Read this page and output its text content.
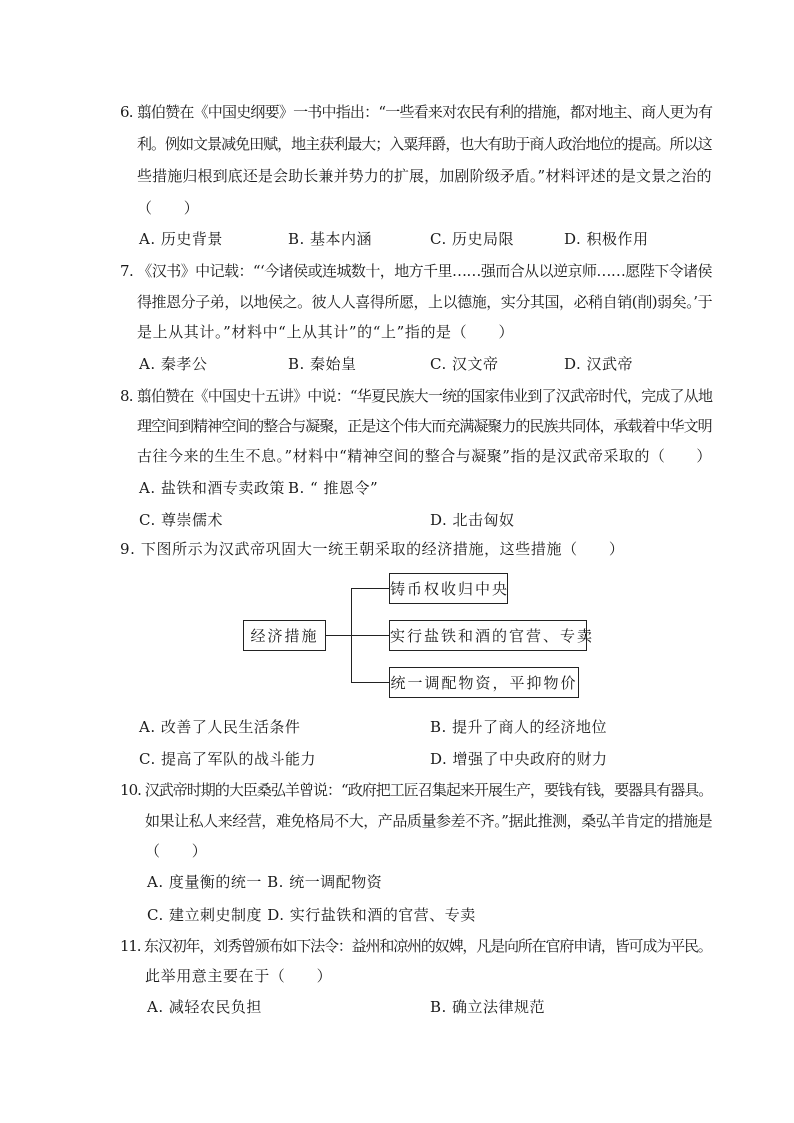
6. 翦伯赞在《中国史纲要》一书中指出：“一些看来对农民有利的措施，都对地主、商人更为有
利。例如文景减免田赋，地主获利最大；入粟拜爵，也大有助于商人政治地位的提高。所以这
些措施归根到底还是会助长兼并势力的扩展，加剧阶级矛盾。”材料评述的是文景之治的
（　　）
A. 历史背景	B. 基本内涵	C. 历史局限	D. 积极作用
7. 《汉书》中记载：“‘今诸侯或连城数十，地方千里……强而合从以逆京师……愿陛下令诸侯
得推恩分子弟，以地侯之。彼人人喜得所愿，上以德施，实分其国，必稍自销(削)弱矣。’于
是上从其计。”材料中“上从其计”的“上”指的是（　　）
A. 秦孝公	B. 秦始皇	C. 汉文帝	D. 汉武帝
8. 翦伯赞在《中国史十五讲》中说：“华夏民族大一统的国家伟业到了汉武帝时代，完成了从地
理空间到精神空间的整合与凝聚，正是这个伟大而充满凝聚力的民族共同体，承载着中华文明
古往今来的生生不息。”材料中“精神空间的整合与凝聚”指的是汉武帝采取的（　　）
A. 盐铁和酒专卖政策 B. “ 推恩令”
C. 尊崇儒术	D. 北击匈奴
9. 下图所示为汉武帝巩固大一统王朝采取的经济措施，这些措施（　　）
经济措施
铸币权收归中央
实行盐铁和酒的官营、专卖
统一调配物资，平抑物价
A. 改善了人民生活条件	B. 提升了商人的经济地位
C. 提高了军队的战斗能力	D. 增强了中央政府的财力
10. 汉武帝时期的大臣桑弘羊曾说：“政府把工匠召集起来开展生产，要钱有钱，要器具有器具。
如果让私人来经营，难免格局不大，产品质量参差不齐。”据此推测，桑弘羊肯定的措施是
（　　）
A. 度量衡的统一 B. 统一调配物资
C. 建立刺史制度 D. 实行盐铁和酒的官营、专卖
11. 东汉初年，刘秀曾颁布如下法令：益州和凉州的奴婢，凡是向所在官府申请，皆可成为平民。
此举用意主要在于（　　）
A. 减轻农民负担	B. 确立法律规范
